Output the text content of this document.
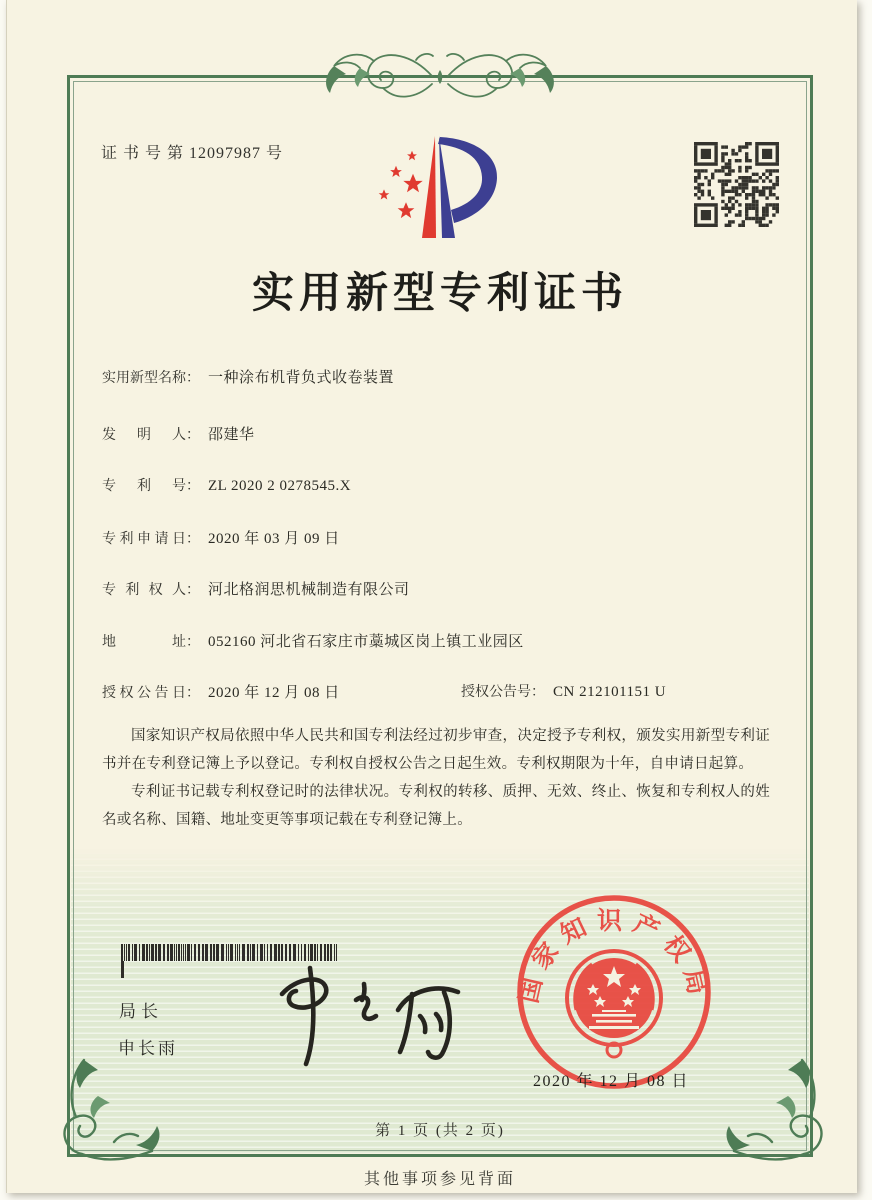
证 书 号 第 12097987 号
实用新型专利证书
实用新型名称： 一种涂布机背负式收卷装置
发明人： 邵建华
专利号： ZL 2020 2 0278545.X
专利申请日： 2020 年 03 月 09 日
专利权人： 河北格润思机械制造有限公司
地址： 052160 河北省石家庄市藁城区岗上镇工业园区
授权公告日： 2020 年 12 月 08 日	授权公告号： CN 212101151 U

国家知识产权局依照中华人民共和国专利法经过初步审查，决定授予专利权，颁发实用新型专利证书并在专利登记簿上予以登记。专利权自授权公告之日起生效。专利权期限为十年，自申请日起算。

专利证书记载专利权登记时的法律状况。专利权的转移、质押、无效、终止、恢复和专利权人的姓名或名称、国籍、地址变更等事项记载在专利登记簿上。

局长
申长雨
国家知识产权局
2020 年 12 月 08 日
第 1 页 (共 2 页)
其他事项参见背面
